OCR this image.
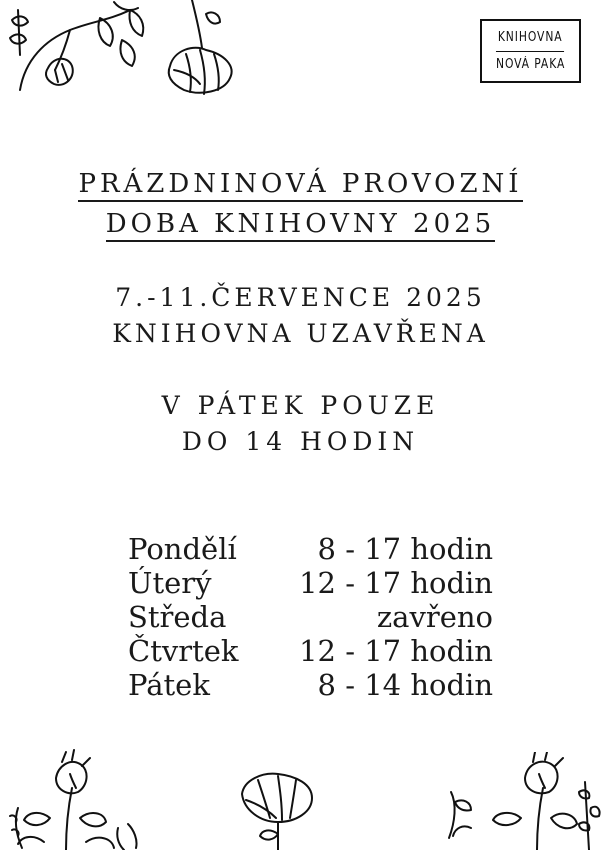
KNIHOVNA
NOVÁ PAKA
PRÁZDNINOVÁ PROVOZNÍ
DOBA KNIHOVNY 2025
7.-11.ČERVENCE 2025
KNIHOVNA UZAVŘENA
V PÁTEK POUZE
DO 14 HODIN
Pondělí	8 - 17 hodin
Úterý	12 - 17 hodin
Středa	zavřeno
Čtvrtek 12 - 17 hodin
Pátek	8 - 14 hodin
